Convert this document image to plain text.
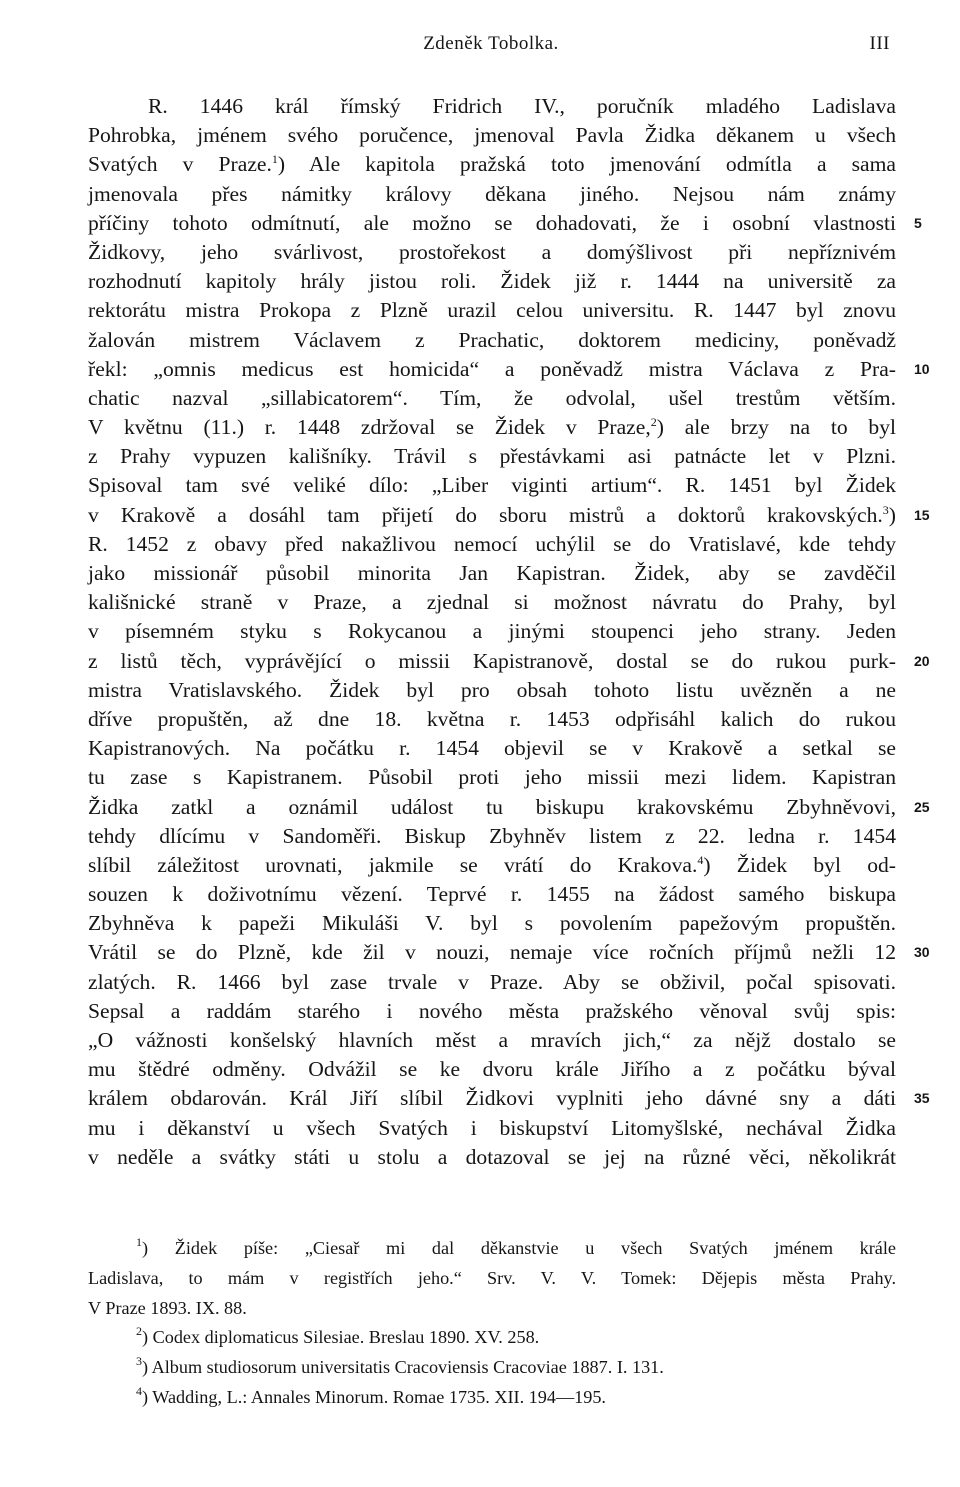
Zdeněk Tobolka.	III
R. 1446 král římský Fridrich IV., poručník mladého Ladislava
Pohrobka, jménem svého poručence, jmenoval Pavla Židka děkanem u všech
Svatých v Praze.$^1$) Ale kapitola pražská toto jmenování odmítla a sama
jmenovala přes námitky královy děkana jiného. Nejsou nám známy
příčiny tohoto odmítnutí, ale možno se dohadovati, že i osobní vlastnosti 5
Židkovy, jeho svárlivost, prostořekost a domýšlivost při nepříznivém
rozhodnutí kapitoly hrály jistou roli. Židek již r. 1444 na universitě za
rektorátu mistra Prokopa z Plzně urazil celou universitu. R. 1447 byl znovu
žalován mistrem Václavem z Prachatic, doktorem mediciny, poněvadž
řekl: „omnis medicus est homicida“ a poněvadž mistra Václava z Pra- 10
chatic nazval „sillabicatorem“. Tím, že odvolal, ušel trestům větším.
V květnu (11.) r. 1448 zdržoval se Židek v Praze,$^2$) ale brzy na to byl
z Prahy vypuzen kališníky. Trávil s přestávkami asi patnácte let v Plzni.
Spisoval tam své veliké dílo: „Liber viginti artium“. R. 1451 byl Židek
v Krakově a dosáhl tam přijetí do sboru mistrů a doktorů krakovských.$^3$) 15
R. 1452 z obavy před nakažlivou nemocí uchýlil se do Vratislavé, kde tehdy
jako missionář působil minorita Jan Kapistran. Židek, aby se zavděčil
kališnické straně v Praze, a zjednal si možnost návratu do Prahy, byl
v písemném styku s Rokycanou a jinými stoupenci jeho strany. Jeden
z listů těch, vyprávějící o missii Kapistranově, dostal se do rukou purk- 20
mistra Vratislavského. Židek byl pro obsah tohoto listu uvězněn a ne
dříve propuštěn, až dne 18. května r. 1453 odpřisáhl kalich do rukou
Kapistranových. Na počátku r. 1454 objevil se v Krakově a setkal se
tu zase s Kapistranem. Působil proti jeho missii mezi lidem. Kapistran
Židka zatkl a oznámil událost tu biskupu krakovskému Zbyhněvovi, 25
tehdy dlícímu v Sandoměři. Biskup Zbyhněv listem z 22. ledna r. 1454
slíbil záležitost urovnati, jakmile se vrátí do Krakova.$^4$) Židek byl od-
souzen k doživotnímu vězení. Teprvé r. 1455 na žádost samého biskupa
Zbyhněva k papeži Mikuláši V. byl s povolením papežovým propuštěn.
Vrátil se do Plzně, kde žil v nouzi, nemaje více ročních příjmů nežli 12 30
zlatých. R. 1466 byl zase trvale v Praze. Aby se obživil, počal spisovati.
Sepsal a raddám starého i nového města pražského věnoval svůj spis:
„O vážnosti konšelský hlavních měst a mravích jich,“ za nějž dostalo se
mu štědré odměny. Odvážil se ke dvoru krále Jiřího a z počátku býval
králem obdarován. Král Jiří slíbil Židkovi vyplniti jeho dávné sny a dáti 35
mu i děkanství u všech Svatých i biskupství Litomyšlské, nechával Židka
v neděle a svátky státi u stolu a dotazoval se jej na různé věci, několikrát
$^1$) Židek píše: „Ciesař mi dal děkanstvie u všech Svatých jménem krále
Ladislava, to mám v registřích jeho.“ Srv. V. V. Tomek: Dějepis města Prahy.
V Praze 1893. IX. 88.
$^2$) Codex diplomaticus Silesiae. Breslau 1890. XV. 258.
$^3$) Album studiosorum universitatis Cracoviensis Cracoviae 1887. I. 131.
$^4$) Wadding, L.: Annales Minorum. Romae 1735. XII. 194—195.
